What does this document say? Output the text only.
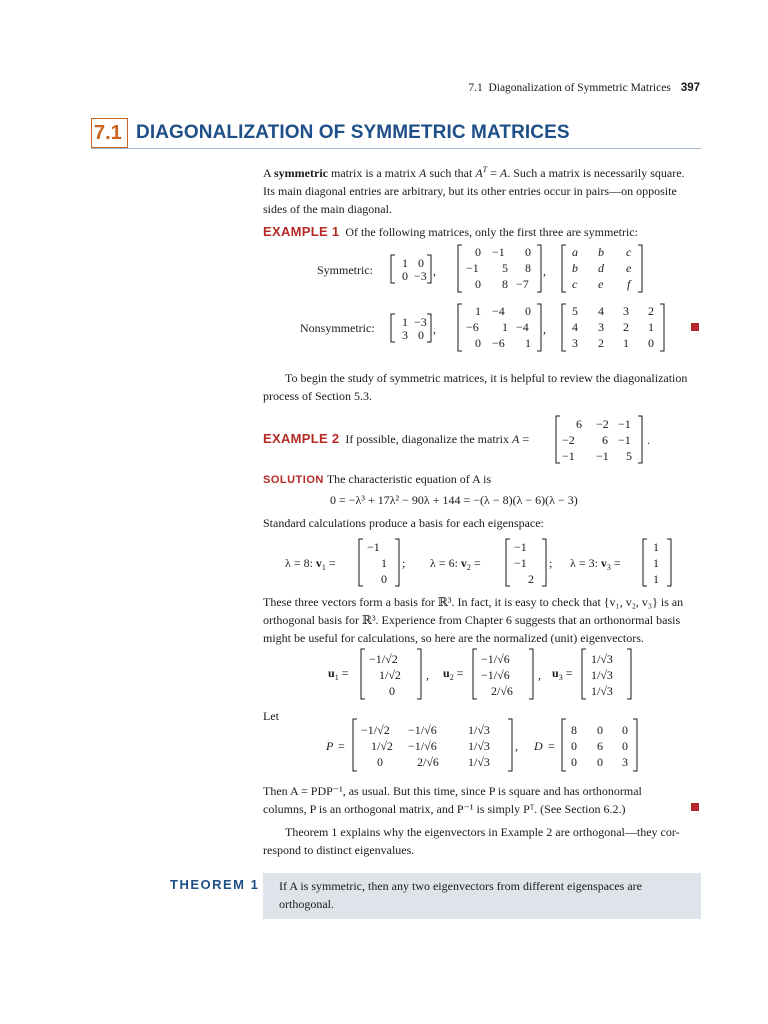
7.1 Diagonalization of Symmetric Matrices 397
7.1 DIAGONALIZATION OF SYMMETRIC MATRICES
A symmetric matrix is a matrix A such that $A^T = A$. Such a matrix is necessarily square.
Its main diagonal entries are arbitrary, but its other entries occur in pairs—on opposite
sides of the main diagonal.
EXAMPLE 1 Of the following matrices, only the first three are symmetric:
Symmetric:
Nonsymmetric:
1 0
0 −3 ,
0 −1 0
−1 5 8
0 8 −7
,
a b c
b d e
c e f
1 −3
3 0 ,
1 −4 0
−6 1 −4
0 −6 1
,
5 4 3 2
4 3 2 1
3 2 1 0
To begin the study of symmetric matrices, it is helpful to review the diagonalization
process of Section 5.3.
EXAMPLE 2 If possible, diagonalize the matrix A =
6 −2 −1
−2 6 −1
−1 −1 5
.
SOLUTION The characteristic equation of A is
0 = −λ³ + 17λ² − 90λ + 144 = −(λ − 8)(λ − 6)(λ − 3)
Standard calculations produce a basis for each eigenspace:
λ = 8: $v_1$ =
−1
1
0
; λ = 6: $v_2$ =
−1
−1
2
; λ = 3: $v_3$ =
1
1
1
These three vectors form a basis for ℝ³. In fact, it is easy to check that {v₁, v₂, v₃} is an
orthogonal basis for ℝ³. Experience from Chapter 6 suggests that an orthonormal basis
might be useful for calculations, so here are the normalized (unit) eigenvectors.
$u_1$ =
−1/√2
1/√2
0
, $u_2$ =
−1/√6
−1/√6
2/√6
, $u_3$ =
1/√3
1/√3
1/√3
Let
P =
−1/√2 −1/√6	1/√3
1/√2 −1/√6	1/√3
0	2/√6 1/√3
, D =
8 0 0
0 6 0
0 0 3
Then A = PDP⁻¹, as usual. But this time, since P is square and has orthonormal
columns, P is an orthogonal matrix, and P⁻¹ is simply Pᵀ. (See Section 6.2.)
Theorem 1 explains why the eigenvectors in Example 2 are orthogonal—they cor-
respond to distinct eigenvalues.
THEOREM 1 If A is symmetric, then any two eigenvectors from different eigenspaces are
orthogonal.
